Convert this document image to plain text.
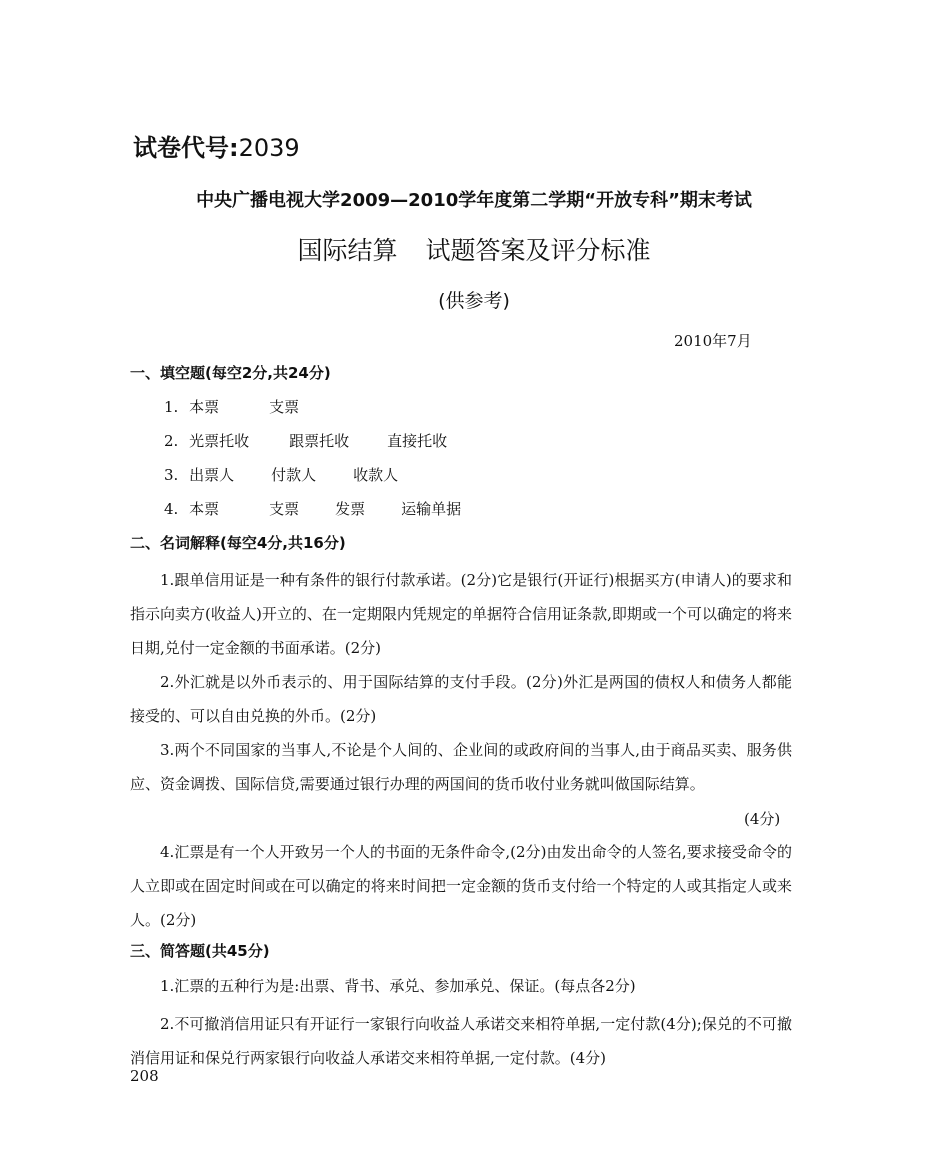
试卷代号:2039
中央广播电视大学2009—2010学年度第二学期“开放专科”期末考试
国际结算 试题答案及评分标准
(供参考)
2010年7月
一、填空题(每空2分,共24分)
1. 本票	支票
2. 光票托收	跟票托收	直接托收
3. 出票人 付款人 收款人
4. 本票	支票 发票 运输单据
二、名词解释(每空4分,共16分)
1.跟单信用证是一种有条件的银行付款承诺。(2分)它是银行(开证行)根据买方(申请人)的要求和指示向卖方(收益人)开立的、在一定期限内凭规定的单据符合信用证条款,即期或一个可以确定的将来日期,兑付一定金额的书面承诺。(2分)
2.外汇就是以外币表示的、用于国际结算的支付手段。(2分)外汇是两国的债权人和债务人都能接受的、可以自由兑换的外币。(2分)
3.两个不同国家的当事人,不论是个人间的、企业间的或政府间的当事人,由于商品买卖、服务供应、资金调拨、国际信贷,需要通过银行办理的两国间的货币收付业务就叫做国际结算。
(4分)
4.汇票是有一个人开致另一个人的书面的无条件命令,(2分)由发出命令的人签名,要求接受命令的人立即或在固定时间或在可以确定的将来时间把一定金额的货币支付给一个特定的人或其指定人或来人。(2分)
三、简答题(共45分)
1.汇票的五种行为是:出票、背书、承兑、参加承兑、保证。(每点各2分)
2.不可撤消信用证只有开证行一家银行向收益人承诺交来相符单据,一定付款(4分);保兑的不可撤消信用证和保兑行两家银行向收益人承诺交来相符单据,一定付款。(4分)
208
